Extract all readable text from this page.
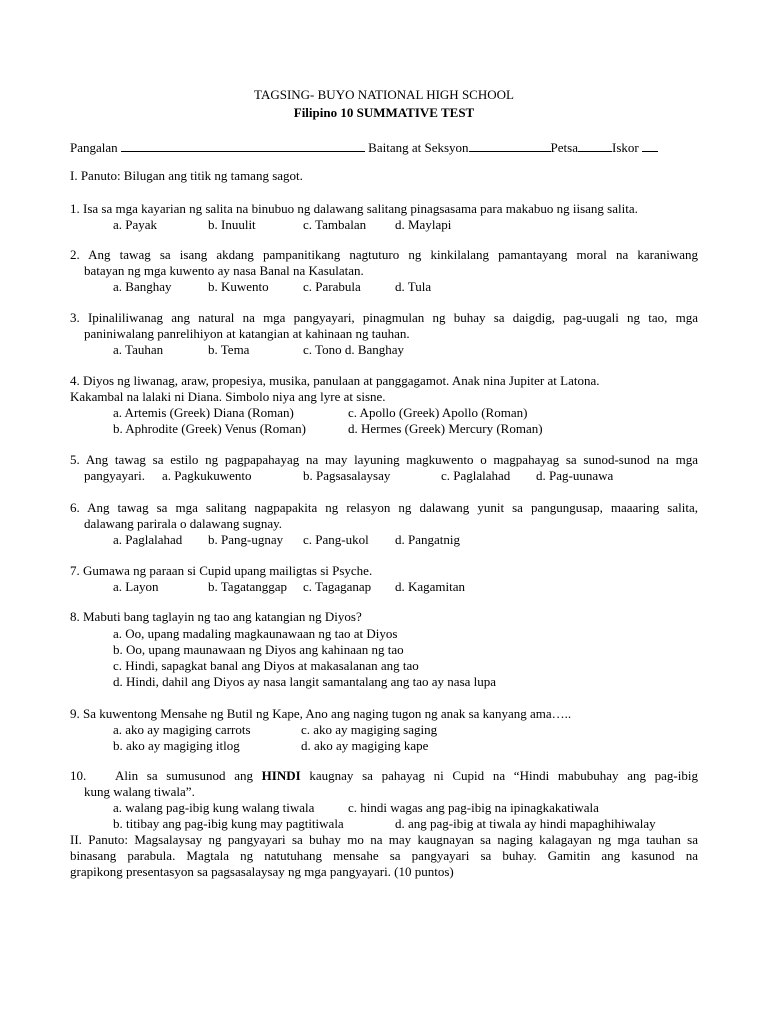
TAGSING- BUYO NATIONAL HIGH SCHOOL
Filipino 10 SUMMATIVE TEST
Pangalan	Baitang at Seksyon	Petsa	Iskor
I. Panuto: Bilugan ang titik ng tamang sagot.
1. Isa sa mga kayarian ng salita na binubuo ng dalawang salitang pinagsasama para makabuo ng iisang salita.
a. Payak	b. Inuulit	c. Tambalan d. Maylapi
2. Ang tawag sa isang akdang pampanitikang nagtuturo ng kinkilalang pamantayang moral na karaniwang
batayan ng mga kuwento ay nasa Banal na Kasulatan.
a. Banghay	b. Kuwento	c. Parabula	d. Tula
3. Ipinaliliwanag ang natural na mga pangyayari, pinagmulan ng buhay sa daigdig, pag-uugali ng tao, mga
paniniwalang panrelihiyon at katangian at kahinaan ng tauhan.
a. Tauhan	b. Tema	c. Tono d. Banghay
4. Diyos ng liwanag, araw, propesiya, musika, panulaan at panggagamot. Anak nina Jupiter at Latona.
Kakambal na lalaki ni Diana. Simbolo niya ang lyre at sisne.
a. Artemis (Greek) Diana (Roman)	c. Apollo (Greek) Apollo (Roman)
b. Aphrodite (Greek) Venus (Roman)	d. Hermes (Greek) Mercury (Roman)
5. Ang tawag sa estilo ng pagpapahayag na may layuning magkuwento o magpahayag sa sunod-sunod na mga
pangyayari. a. Pagkukuwento	b. Pagsasalaysay	c. Paglalahad d. Pag-uunawa
6. Ang tawag sa mga salitang nagpapakita ng relasyon ng dalawang yunit sa pangungusap, maaaring salita,
dalawang parirala o dalawang sugnay.
a. Paglalahad b. Pang-ugnay c. Pang-ukol d. Pangatnig
7. Gumawa ng paraan si Cupid upang mailigtas si Psyche.
a. Layon	b. Tagatanggap c. Tagaganap d. Kagamitan
8. Mabuti bang taglayin ng tao ang katangian ng Diyos?
a. Oo, upang madaling magkaunawaan ng tao at Diyos
b. Oo, upang maunawaan ng Diyos ang kahinaan ng tao
c. Hindi, sapagkat banal ang Diyos at makasalanan ang tao
d. Hindi, dahil ang Diyos ay nasa langit samantalang ang tao ay nasa lupa
9. Sa kuwentong Mensahe ng Butil ng Kape, Ano ang naging tugon ng anak sa kanyang ama…..
a. ako ay magiging carrots	c. ako ay magiging saging
b. ako ay magiging itlog	d. ako ay magiging kape
10. Alin sa sumusunod ang HINDI kaugnay sa pahayag ni Cupid na “Hindi mabubuhay ang pag-ibig
kung walang tiwala”.
a. walang pag-ibig kung walang tiwala	c. hindi wagas ang pag-ibig na ipinagkakatiwala
b. titibay ang pag-ibig kung may pagtitiwala	d. ang pag-ibig at tiwala ay hindi mapaghihiwalay
II. Panuto: Magsalaysay ng pangyayari sa buhay mo na may kaugnayan sa naging kalagayan ng mga tauhan sa
binasang parabula. Magtala ng natutuhang mensahe sa pangyayari sa buhay. Gamitin ang kasunod na
grapikong presentasyon sa pagsasalaysay ng mga pangyayari. (10 puntos)
